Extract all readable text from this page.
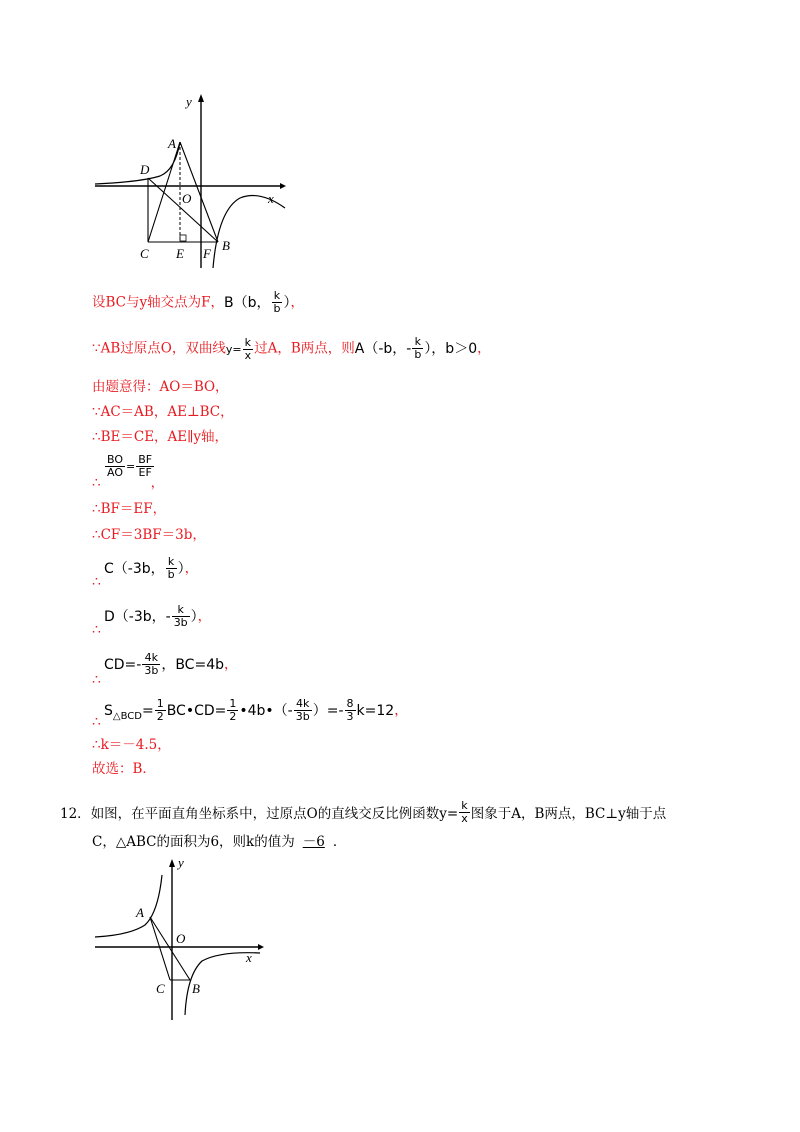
y
x
A
D
O
C E F
B
设BC与y轴交点为F，B（b， $\frac{k}{b}$ ），
∵AB过原点O，双曲线$y= \frac{k}{x}$ 过A，B两点，则A（-b，- $\frac{k}{b}$ ），b＞0，
由题意得：AO＝BO，
∵AC＝AB，AE⊥BC，
∴BE＝CE，AE∥y轴，
$\frac{BO}{AO} = \frac{BF}{EF}$
∴	，
∴BF＝EF，
∴CF＝3BF＝3b，
C（-3b， $\frac{k}{b}$ ），
∴
D（-3b，- $\frac{k}{3b}$ ），
∴
$CD=- \frac{4k}{3b}$ ，BC=4b，
∴
$S_{\triangle BCD}= \frac{1}{2}$ BC•CD= $\frac{1}{2}$ •4b•（- $\frac{4k}{3b}$ ）=- $\frac{8}{3} k=12$，
∴
∴k＝－4.5，
故选：B．
12．如图，在平面直角坐标系中，过原点O的直线交反比例函数$y= \frac{k}{x}$ 图象于A，B两点，BC⊥y轴于点
C，△ABC的面积为6，则k的值为 －6 ．
y
x
A
O
C B
